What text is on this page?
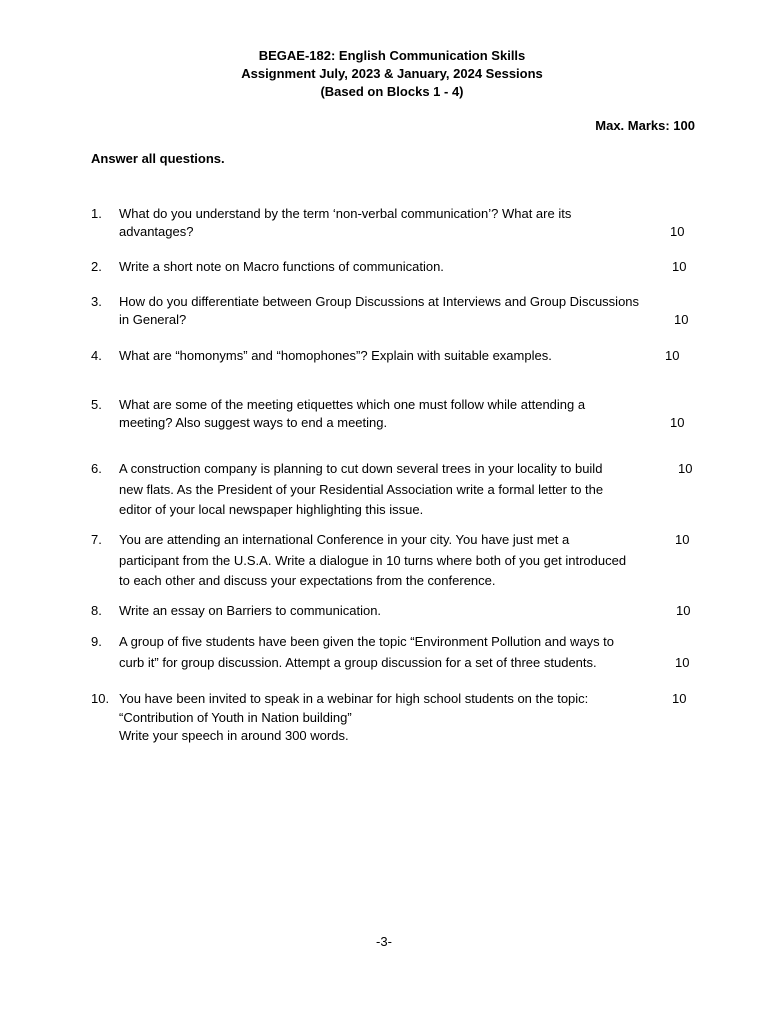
BEGAE-182: English Communication Skills
Assignment July, 2023 & January, 2024 Sessions
(Based on Blocks 1 - 4)
Max. Marks: 100
Answer all questions.
1.	What do you understand by the term ‘non-verbal communication’? What are its
advantages?	10
2.	Write a short note on Macro functions of communication.	10
3.	How do you differentiate between Group Discussions at Interviews and Group Discussions
in General?	10
4.	What are “homonyms” and “homophones”? Explain with suitable examples.	10
5.	What are some of the meeting etiquettes which one must follow while attending a
meeting? Also suggest ways to end a meeting.	10
6.	A construction company is planning to cut down several trees in your locality to build
new flats. As the President of your Residential Association write a formal letter to the
editor of your local newspaper highlighting this issue.
10
7.	You are attending an international Conference in your city. You have just met a
participant from the U.S.A. Write a dialogue in 10 turns where both of you get introduced
to each other and discuss your expectations from the conference.
10
8.	Write an essay on Barriers to communication.	10
9.	A group of five students have been given the topic “Environment Pollution and ways to
curb it” for group discussion. Attempt a group discussion for a set of three students.	10
10. You have been invited to speak in a webinar for high school students on the topic:
“Contribution of Youth in Nation building”
Write your speech in around 300 words.
10
-3-
